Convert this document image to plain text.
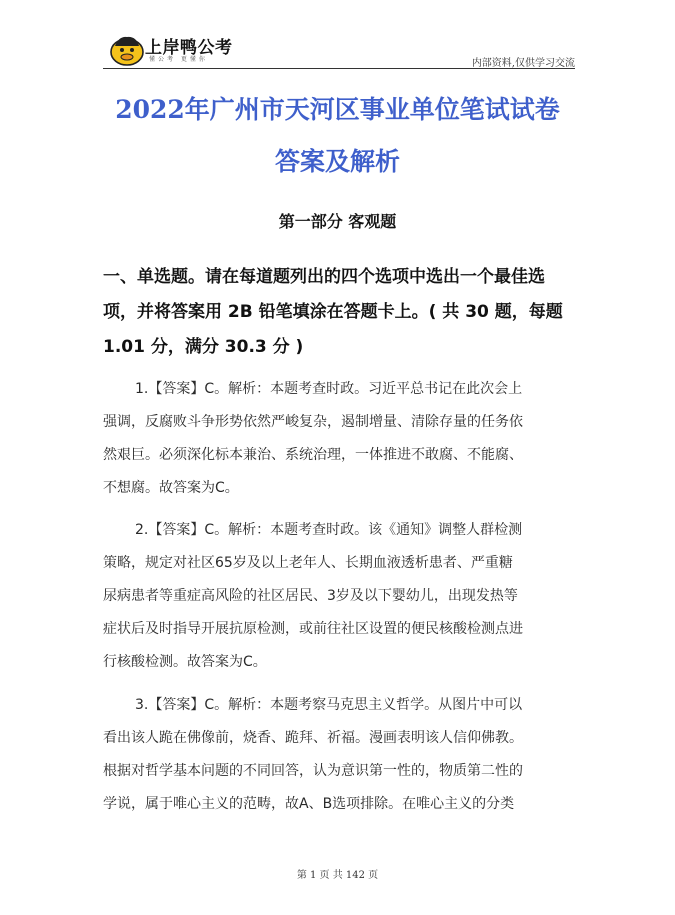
上岸鸭公考
懂公考 更懂你	内部资料,仅供学习交流
2022年广州市天河区事业单位笔试试卷
答案及解析
第一部分 客观题
一、单选题。请在每道题列出的四个选项中选出一个最佳选
项，并将答案用 2B 铅笔填涂在答题卡上。( 共 30 题，每题
1.01 分，满分 30.3 分 )
1.【答案】C。解析：本题考查时政。习近平总书记在此次会上
强调，反腐败斗争形势依然严峻复杂，遏制增量、清除存量的任务依
然艰巨。必须深化标本兼治、系统治理，一体推进不敢腐、不能腐、
不想腐。故答案为C。
2.【答案】C。解析：本题考查时政。该《通知》调整人群检测
策略，规定对社区65岁及以上老年人、长期血液透析患者、严重糖
尿病患者等重症高风险的社区居民、3岁及以下婴幼儿，出现发热等
症状后及时指导开展抗原检测，或前往社区设置的便民核酸检测点进
行核酸检测。故答案为C。
3.【答案】C。解析：本题考察马克思主义哲学。从图片中可以
看出该人跪在佛像前，烧香、跪拜、祈福。漫画表明该人信仰佛教。
根据对哲学基本问题的不同回答，认为意识第一性的，物质第二性的
学说，属于唯心主义的范畴，故A、B选项排除。在唯心主义的分类
第 1 页 共 142 页
